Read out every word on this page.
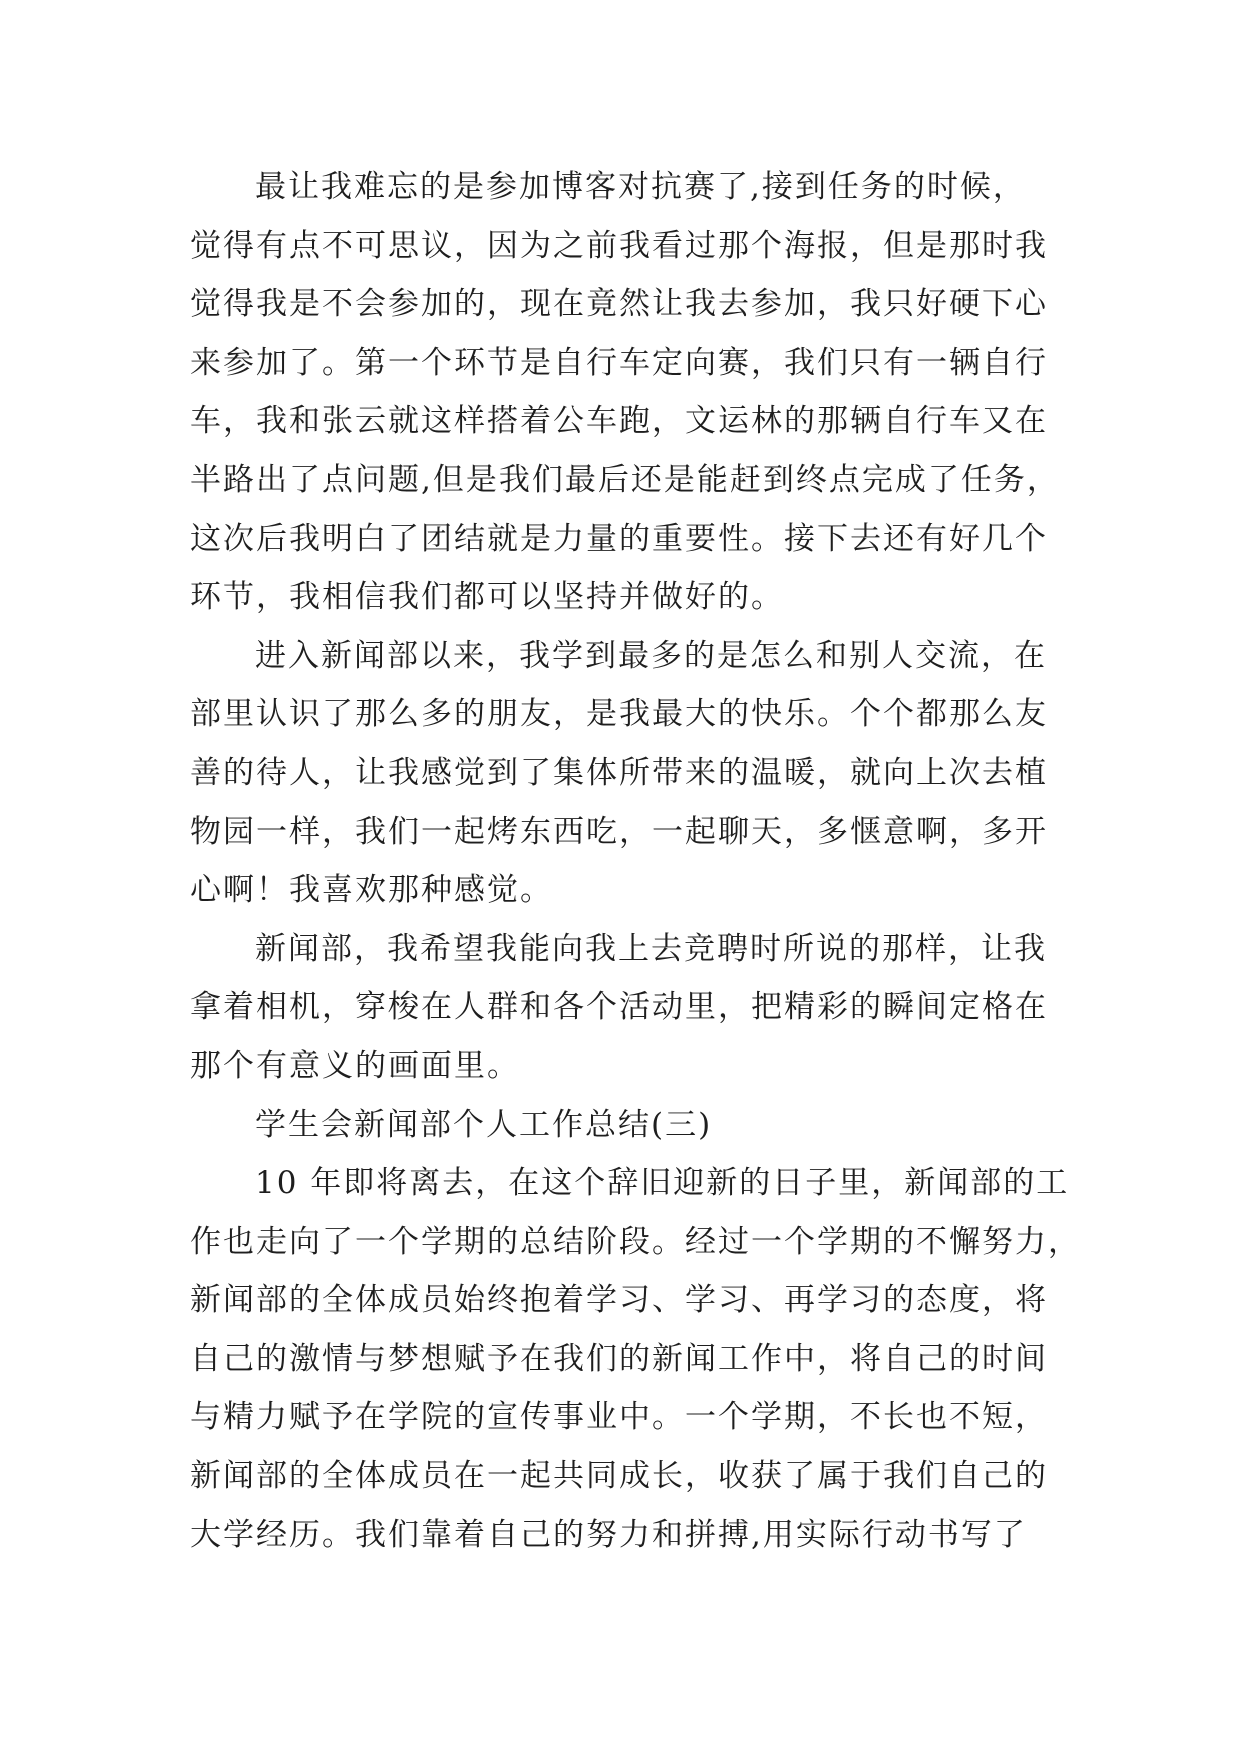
最让我难忘的是参加博客对抗赛了,接到任务的时候，
觉得有点不可思议，因为之前我看过那个海报，但是那时我
觉得我是不会参加的，现在竟然让我去参加，我只好硬下心
来参加了。第一个环节是自行车定向赛，我们只有一辆自行
车，我和张云就这样搭着公车跑，文运林的那辆自行车又在
半路出了点问题,但是我们最后还是能赶到终点完成了任务，
这次后我明白了团结就是力量的重要性。接下去还有好几个
环节，我相信我们都可以坚持并做好的。
进入新闻部以来，我学到最多的是怎么和别人交流，在
部里认识了那么多的朋友，是我最大的快乐。个个都那么友
善的待人，让我感觉到了集体所带来的温暖，就向上次去植
物园一样，我们一起烤东西吃，一起聊天，多惬意啊，多开
心啊！我喜欢那种感觉。
新闻部，我希望我能向我上去竞聘时所说的那样，让我
拿着相机，穿梭在人群和各个活动里，把精彩的瞬间定格在
那个有意义的画面里。
学生会新闻部个人工作总结(三)
10 年即将离去，在这个辞旧迎新的日子里，新闻部的工
作也走向了一个学期的总结阶段。经过一个学期的不懈努力，
新闻部的全体成员始终抱着学习、学习、再学习的态度，将
自己的激情与梦想赋予在我们的新闻工作中，将自己的时间
与精力赋予在学院的宣传事业中。一个学期，不长也不短，
新闻部的全体成员在一起共同成长，收获了属于我们自己的
大学经历。我们靠着自己的努力和拼搏,用实际行动书写了
